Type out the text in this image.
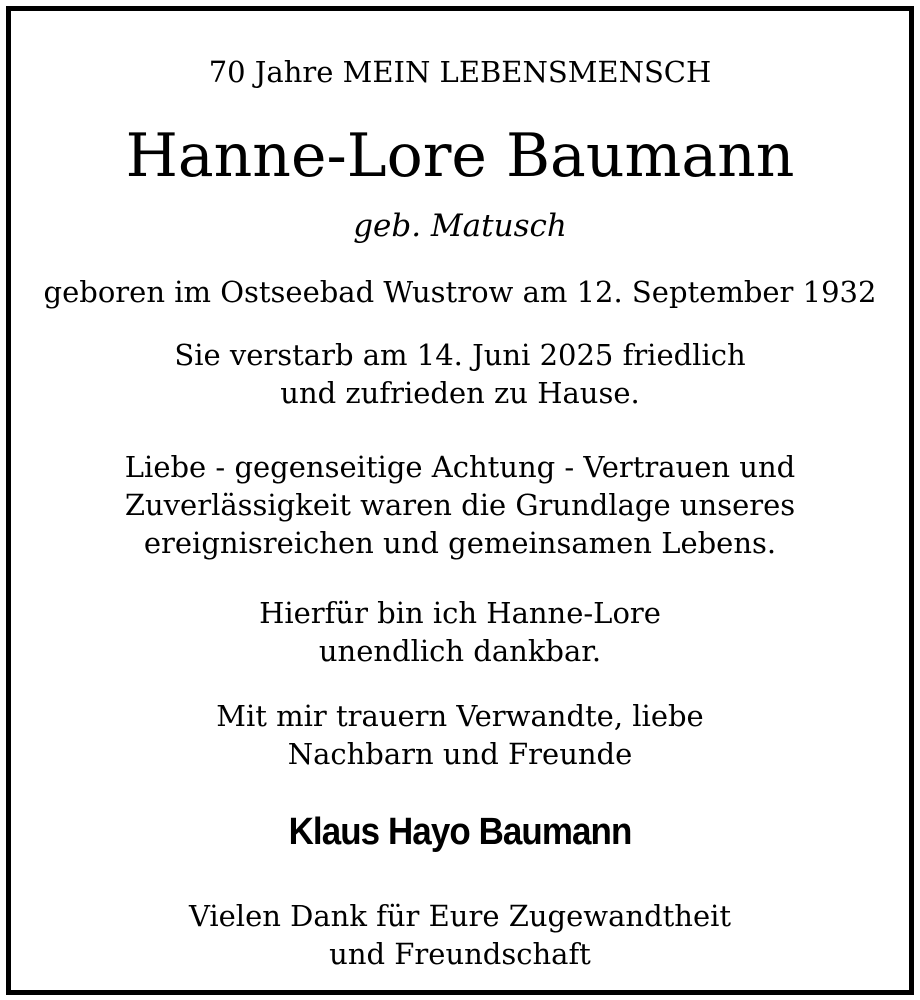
70 Jahre MEIN LEBENSMENSCH
Hanne-Lore Baumann
geb. Matusch
geboren im Ostseebad Wustrow am 12. September 1932
Sie verstarb am 14. Juni 2025 friedlich
und zufrieden zu Hause.
Liebe - gegenseitige Achtung - Vertrauen und
Zuverlässigkeit waren die Grundlage unseres
ereignisreichen und gemeinsamen Lebens.
Hierfür bin ich Hanne-Lore
unendlich dankbar.
Mit mir trauern Verwandte, liebe
Nachbarn und Freunde
Klaus Hayo Baumann
Vielen Dank für Eure Zugewandtheit
und Freundschaft
